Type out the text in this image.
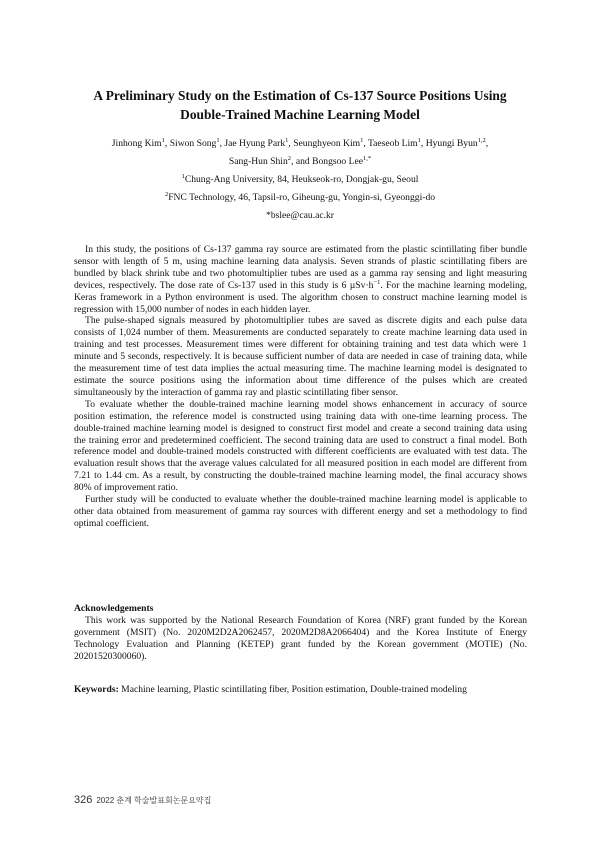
A Preliminary Study on the Estimation of Cs-137 Source Positions Using
Double-Trained Machine Learning Model
Jinhong Kim$^1$, Siwon Song$^1$, Jae Hyung Park$^1$, Seunghyeon Kim$^1$, Taeseob Lim$^1$, Hyungi Byun$^{1,2}$,
Sang-Hun Shin$^2$, and Bongsoo Lee$^{1,*}$
$^1$Chung-Ang University, 84, Heukseok-ro, Dongjak-gu, Seoul
$^2$FNC Technology, 46, Tapsil-ro, Giheung-gu, Yongin-si, Gyeonggi-do
*bslee@cau.ac.kr

In this study, the positions of Cs-137 gamma ray source are estimated from the plastic scintillating fiber bundle sensor with length of 5 m, using machine learning data analysis. Seven strands of plastic scintillating fibers are bundled by black shrink tube and two photomultiplier tubes are used as a gamma ray sensing and light measuring devices, respectively. The dose rate of Cs-137 used in this study is 6 $\mu Sv\cdot h^{-1}$. For the machine learning modeling, Keras framework in a Python environment is used. The algorithm chosen to construct machine learning model is regression with 15,000 number of nodes in each hidden layer.

The pulse-shaped signals measured by photomultiplier tubes are saved as discrete digits and each pulse data consists of 1,024 number of them. Measurements are conducted separately to create machine learning data used in training and test processes. Measurement times were different for obtaining training and test data which were 1 minute and 5 seconds, respectively. It is because sufficient number of data are needed in case of training data, while the measurement time of test data implies the actual measuring time. The machine learning model is designated to estimate the source positions using the information about time difference of the pulses which are created simultaneously by the interaction of gamma ray and plastic scintillating fiber sensor.

To evaluate whether the double-trained machine learning model shows enhancement in accuracy of source position estimation, the reference model is constructed using training data with one-time learning process. The double-trained machine learning model is designed to construct first model and create a second training data using the training error and predetermined coefficient. The second training data are used to construct a final model. Both reference model and double-trained models constructed with different coefficients are evaluated with test data. The evaluation result shows that the average values calculated for all measured position in each model are different from 7.21 to 1.44 cm. As a result, by constructing the double-trained machine learning model, the final accuracy shows 80% of improvement ratio.

Further study will be conducted to evaluate whether the double-trained machine learning model is applicable to other data obtained from measurement of gamma ray sources with different energy and set a methodology to find optimal coefficient.

Acknowledgements

This work was supported by the National Research Foundation of Korea (NRF) grant funded by the Korean government (MSIT) (No. 2020M2D2A2062457, 2020M2D8A2066404) and the Korea Institute of Energy Technology Evaluation and Planning (KETEP) grant funded by the Korean government (MOTIE) (No. 20201520300060).

Keywords: Machine learning, Plastic scintillating fiber, Position estimation, Double-trained modeling
326 2022 춘계 학술발표회논문요약집
